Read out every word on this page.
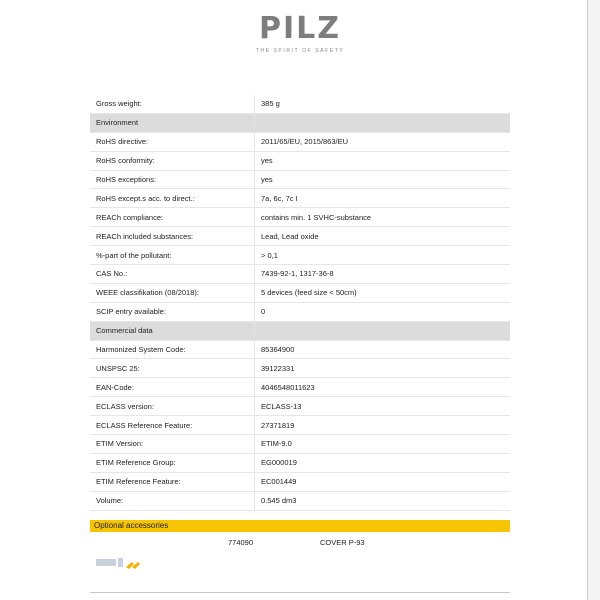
PILZ
THE SPIRIT OF SAFETY
Gross weight:	385 g
Environment	
RoHS directive:	2011/65/EU, 2015/863/EU
RoHS conformity:	yes
RoHS exceptions:	yes
RoHS except.s acc. to direct.:	7a, 6c, 7c I
REACh compliance:	contains min. 1 SVHC-substance
REACh included substances:	Lead, Lead oxide
%-part of the pollutant:	> 0,1
CAS No.:	7439-92-1, 1317-36-8
WEEE classifikation (08/2018):	5 devices (feed size < 50cm)
SCIP entry available:	0
Commercial data	
Harmonized System Code:	85364900
UNSPSC 25:	39122331
EAN-Code:	4046548011623
ECLASS version:	ECLASS-13
ECLASS Reference Feature:	27371819
ETIM Version:	ETIM-9.0
ETIM Reference Group:	EG000019
ETIM Reference Feature:	EC001449
Volume:	0.545 dm3
Optional accessories
774090	COVER P-93
